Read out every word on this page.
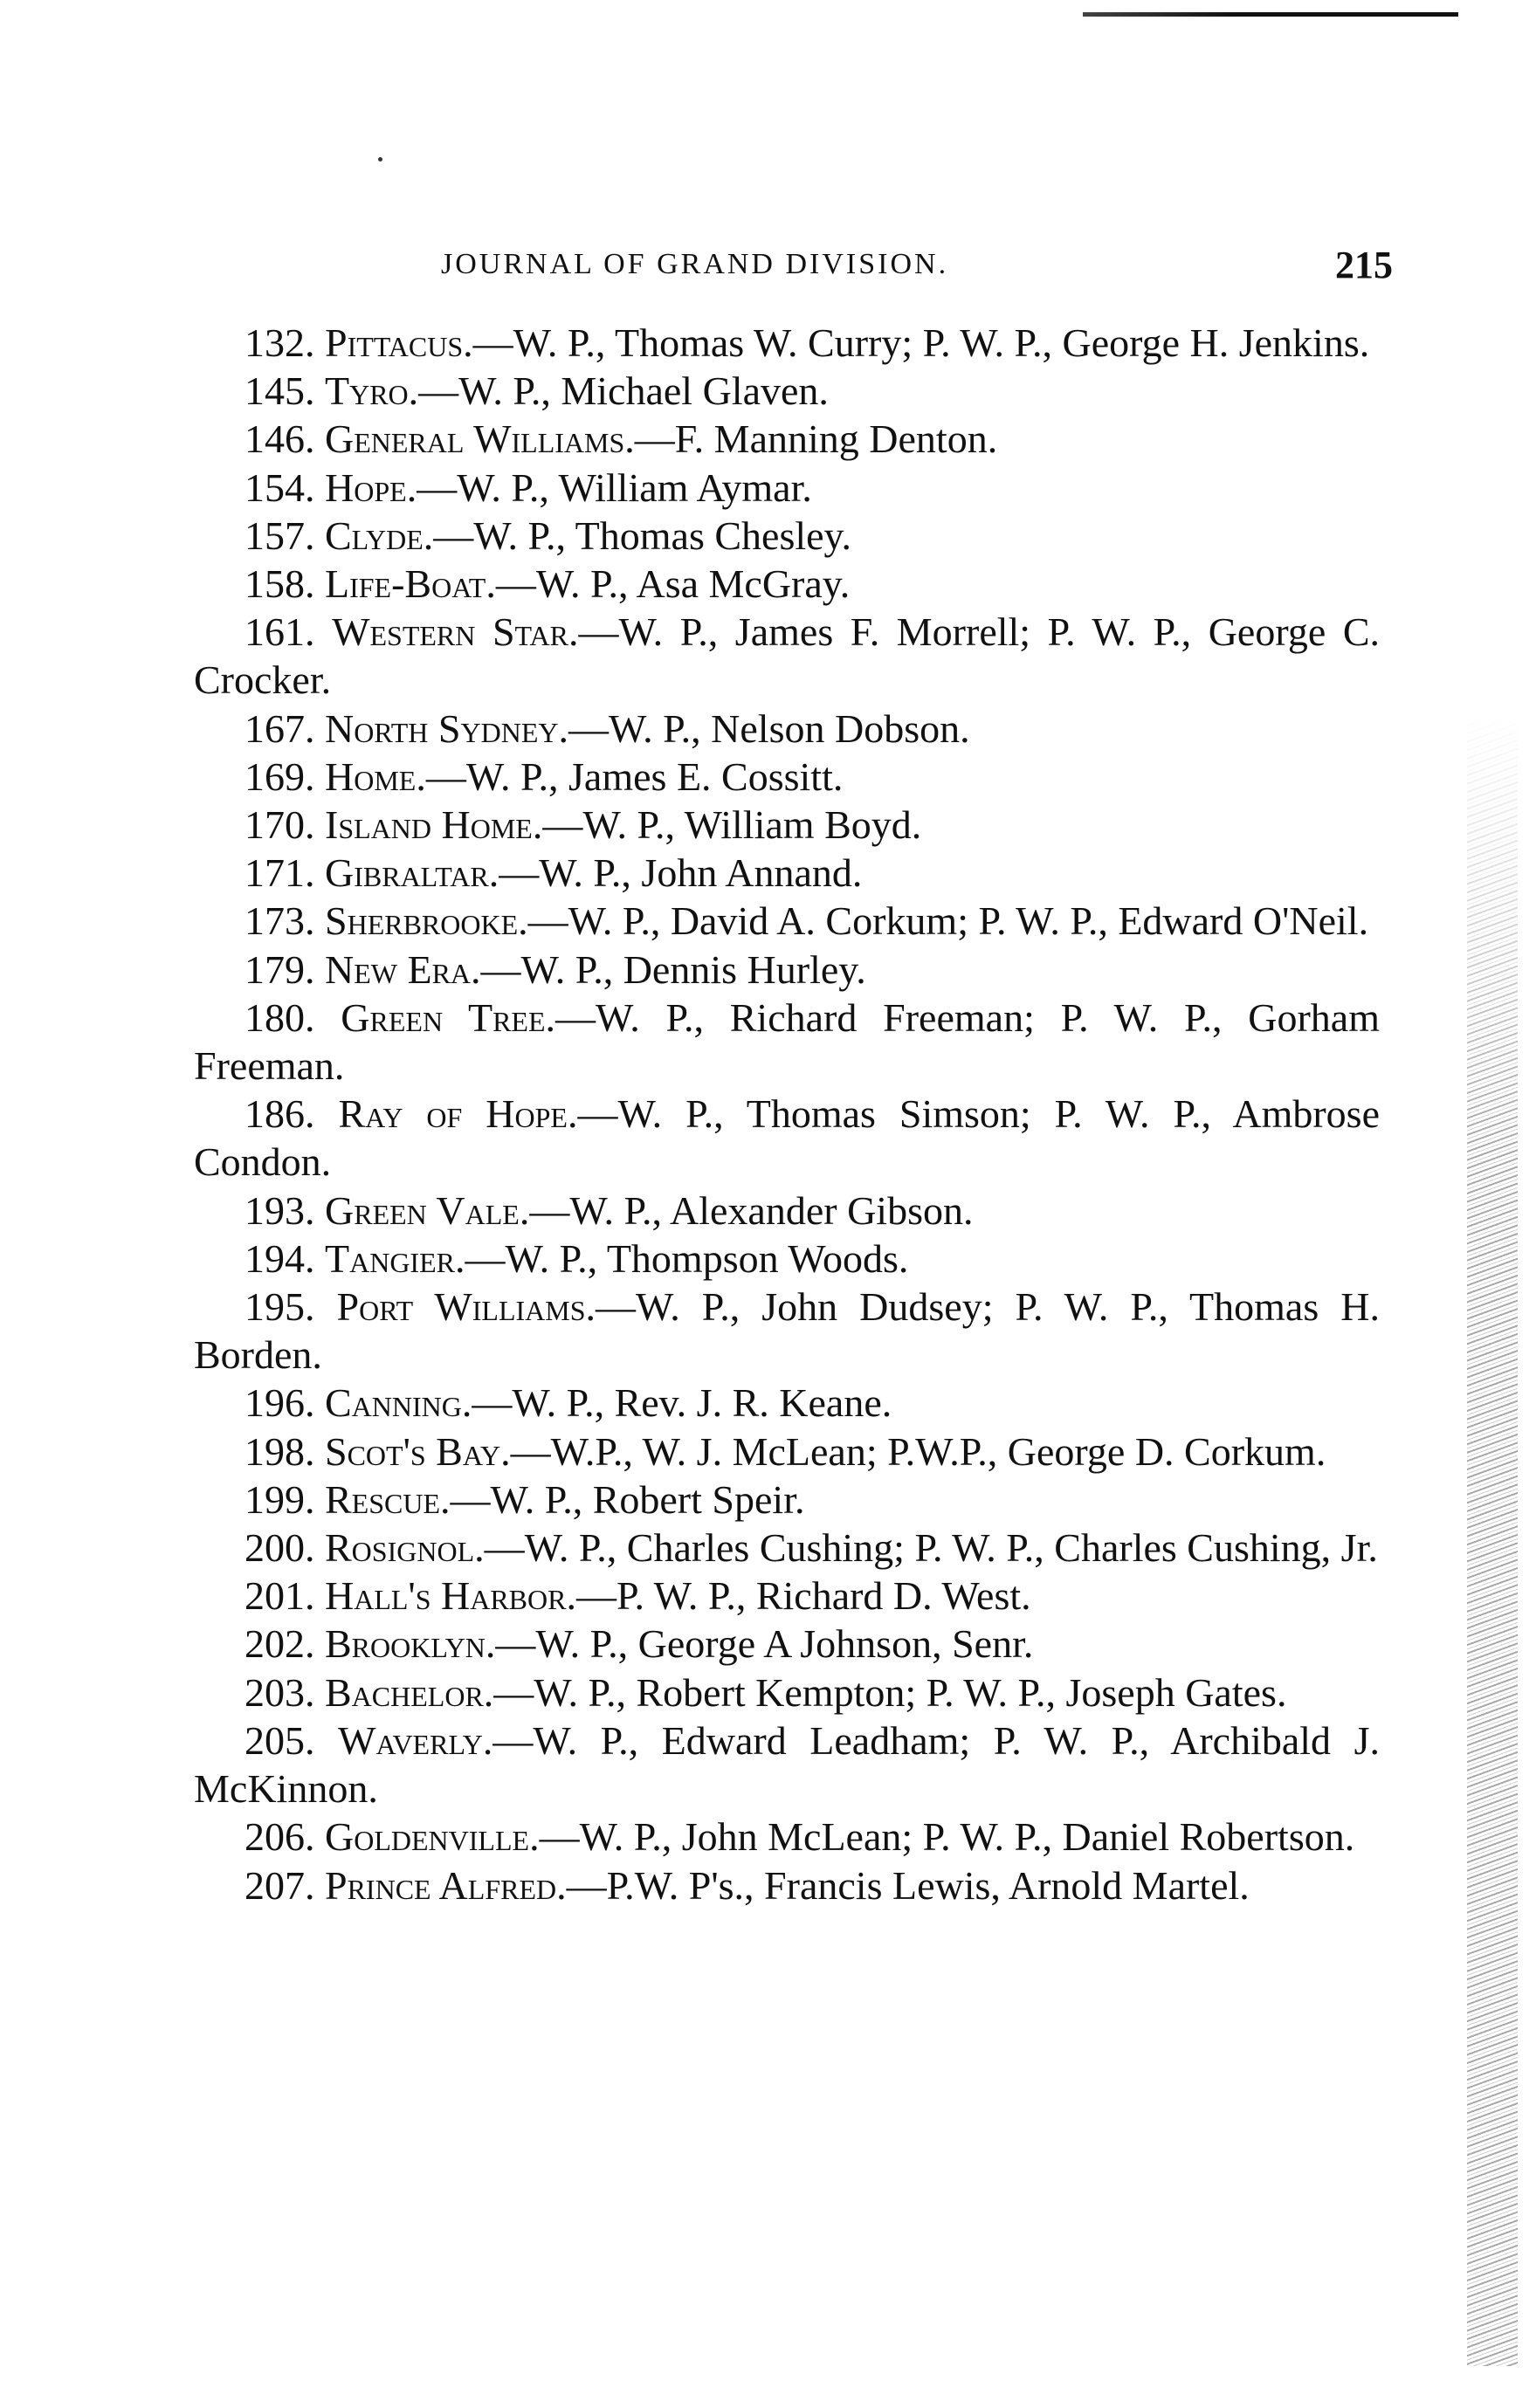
JOURNAL OF GRAND DIVISION.	215

132. Pittacus.—W. P., Thomas W. Curry; P. W. P., George H. Jenkins.

145. Tyro.—W. P., Michael Glaven.

146. General Williams.—F. Manning Denton.

154. Hope.—W. P., William Aymar.

157. Clyde.—W. P., Thomas Chesley.

158. Life-Boat.—W. P., Asa McGray.

161. Western Star.—W. P., James F. Morrell; P. W. P., George C. Crocker.

167. North Sydney.—W. P., Nelson Dobson.

169. Home.—W. P., James E. Cossitt.

170. Island Home.—W. P., William Boyd.

171. Gibraltar.—W. P., John Annand.

173. Sherbrooke.—W. P., David A. Corkum; P. W. P., Edward O'Neil.

179. New Era.—W. P., Dennis Hurley.

180. Green Tree.—W. P., Richard Freeman; P. W. P., Gorham Freeman.

186. Ray of Hope.—W. P., Thomas Simson; P. W. P., Ambrose Condon.

193. Green Vale.—W. P., Alexander Gibson.

194. Tangier.—W. P., Thompson Woods.

195. Port Williams.—W. P., John Dudsey; P. W. P., Thomas H. Borden.

196. Canning.—W. P., Rev. J. R. Keane.

198. Scot's Bay.—W.P., W. J. McLean; P.W.P., George D. Corkum.

199. Rescue.—W. P., Robert Speir.

200. Rosignol.—W. P., Charles Cushing; P. W. P., Charles Cushing, Jr.

201. Hall's Harbor.—P. W. P., Richard D. West.

202. Brooklyn.—W. P., George A Johnson, Senr.

203. Bachelor.—W. P., Robert Kempton; P. W. P., Joseph Gates.

205. Waverly.—W. P., Edward Leadham; P. W. P., Archibald J. McKinnon.

206. Goldenville.—W. P., John McLean; P. W. P., Daniel Robertson.

207. Prince Alfred.—P.W. P's., Francis Lewis, Arnold Martel.
